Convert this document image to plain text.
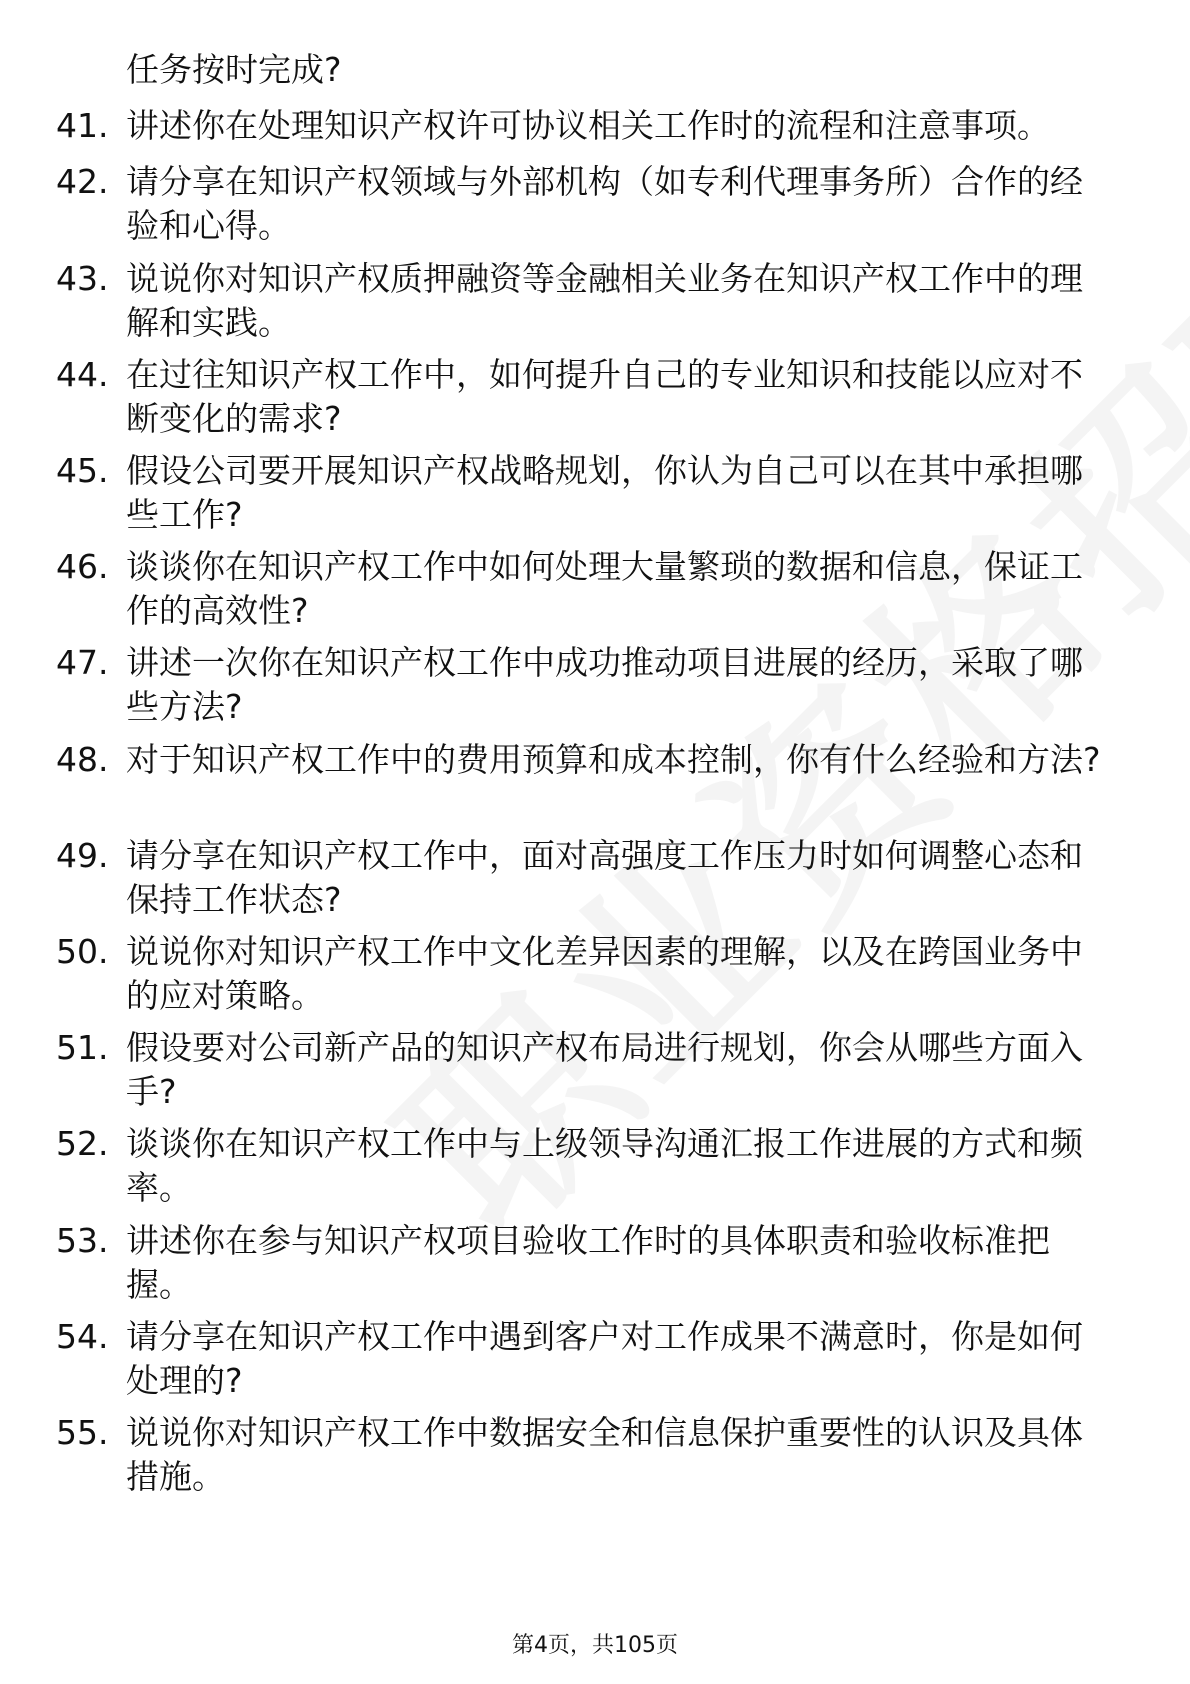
任务按时完成?
41. 讲述你在处理知识产权许可协议相关工作时的流程和注意事项。
42. 请分享在知识产权领域与外部机构（如专利代理事务所）合作的经验和心得。
43. 说说你对知识产权质押融资等金融相关业务在知识产权工作中的理解和实践。
44. 在过往知识产权工作中，如何提升自己的专业知识和技能以应对不断变化的需求?
45. 假设公司要开展知识产权战略规划，你认为自己可以在其中承担哪些工作?
46. 谈谈你在知识产权工作中如何处理大量繁琐的数据和信息，保证工作的高效性?
47. 讲述一次你在知识产权工作中成功推动项目进展的经历，采取了哪些方法?
48. 对于知识产权工作中的费用预算和成本控制，你有什么经验和方法?
49. 请分享在知识产权工作中，面对高强度工作压力时如何调整心态和保持工作状态?
50. 说说你对知识产权工作中文化差异因素的理解，以及在跨国业务中的应对策略。
51. 假设要对公司新产品的知识产权布局进行规划，你会从哪些方面入手?
52. 谈谈你在知识产权工作中与上级领导沟通汇报工作进展的方式和频率。
53. 讲述你在参与知识产权项目验收工作时的具体职责和验收标准把握。
54. 请分享在知识产权工作中遇到客户对工作成果不满意时，你是如何处理的?
55. 说说你对知识产权工作中数据安全和信息保护重要性的认识及具体措施。
第4页，共105页
